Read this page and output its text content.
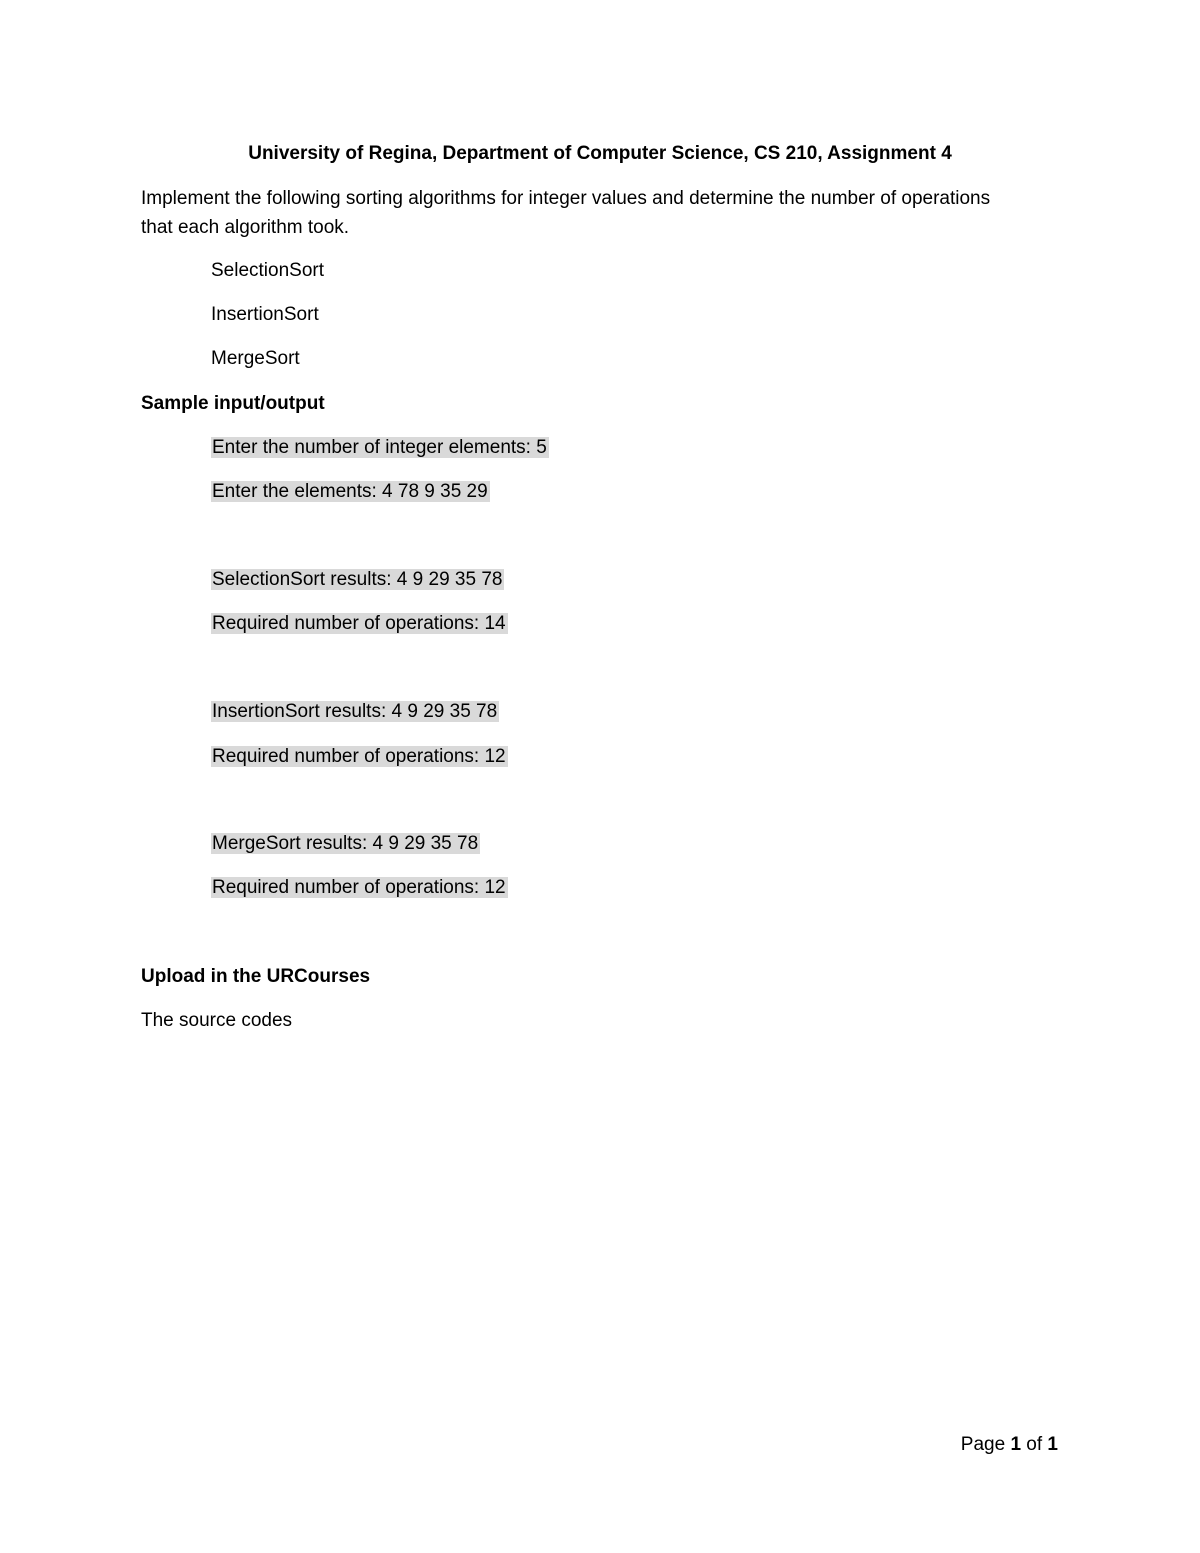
University of Regina, Department of Computer Science, CS 210, Assignment 4
Implement the following sorting algorithms for integer values and determine the number of operations
that each algorithm took.
SelectionSort
InsertionSort
MergeSort
Sample input/output
Enter the number of integer elements: 5
Enter the elements: 4 78 9 35 29
SelectionSort results: 4 9 29 35 78
Required number of operations: 14
InsertionSort results: 4 9 29 35 78
Required number of operations: 12
MergeSort results: 4 9 29 35 78
Required number of operations: 12
Upload in the URCourses
The source codes
Page 1 of 1
